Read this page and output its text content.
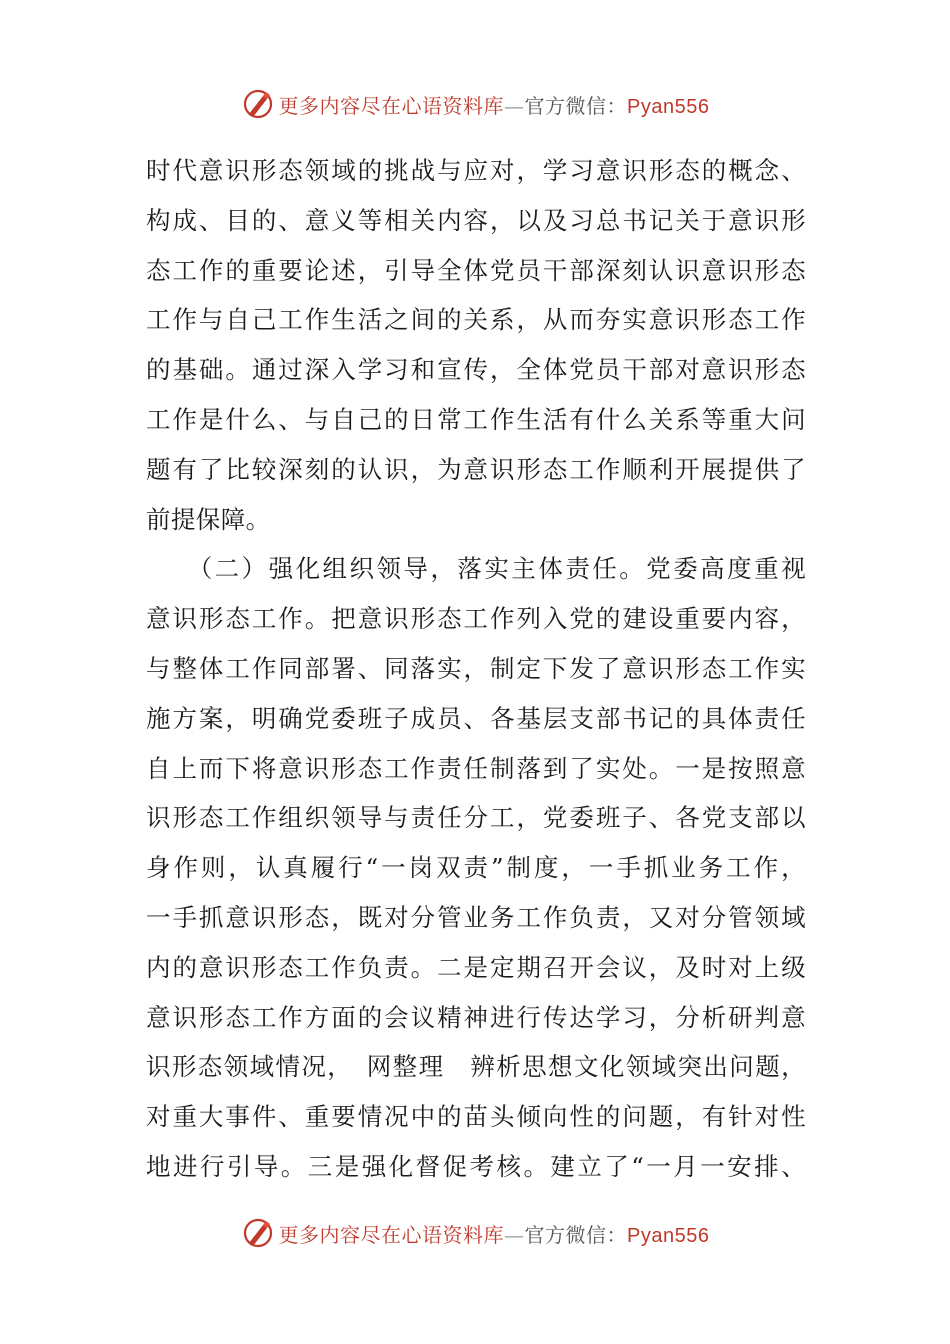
更多内容尽在心语资料库—官方微信：Pyan556
时代意识形态领域的挑战与应对，学习意识形态的概念、
构成、目的、意义等相关内容，以及习总书记关于意识形
态工作的重要论述，引导全体党员干部深刻认识意识形态
工作与自己工作生活之间的关系，从而夯实意识形态工作
的基础。通过深入学习和宣传，全体党员干部对意识形态
工作是什么、与自己的日常工作生活有什么关系等重大问
题有了比较深刻的认识，为意识形态工作顺利开展提供了
前提保障。
　　（二）强化组织领导，落实主体责任。党委高度重视
意识形态工作。把意识形态工作列入党的建设重要内容，
与整体工作同部署、同落实，制定下发了意识形态工作实
施方案，明确党委班子成员、各基层支部书记的具体责任
自上而下将意识形态工作责任制落到了实处。一是按照意
识形态工作组织领导与责任分工，党委班子、各党支部以
身作则，认真履行“一岗双责”制度，一手抓业务工作，
一手抓意识形态，既对分管业务工作负责，又对分管领域
内的意识形态工作负责。二是定期召开会议，及时对上级
意识形态工作方面的会议精神进行传达学习，分析研判意
识形态领域情况，　网整理　辨析思想文化领域突出问题，
对重大事件、重要情况中的苗头倾向性的问题，有针对性
地进行引导。三是强化督促考核。建立了“一月一安排、
更多内容尽在心语资料库—官方微信：Pyan556
